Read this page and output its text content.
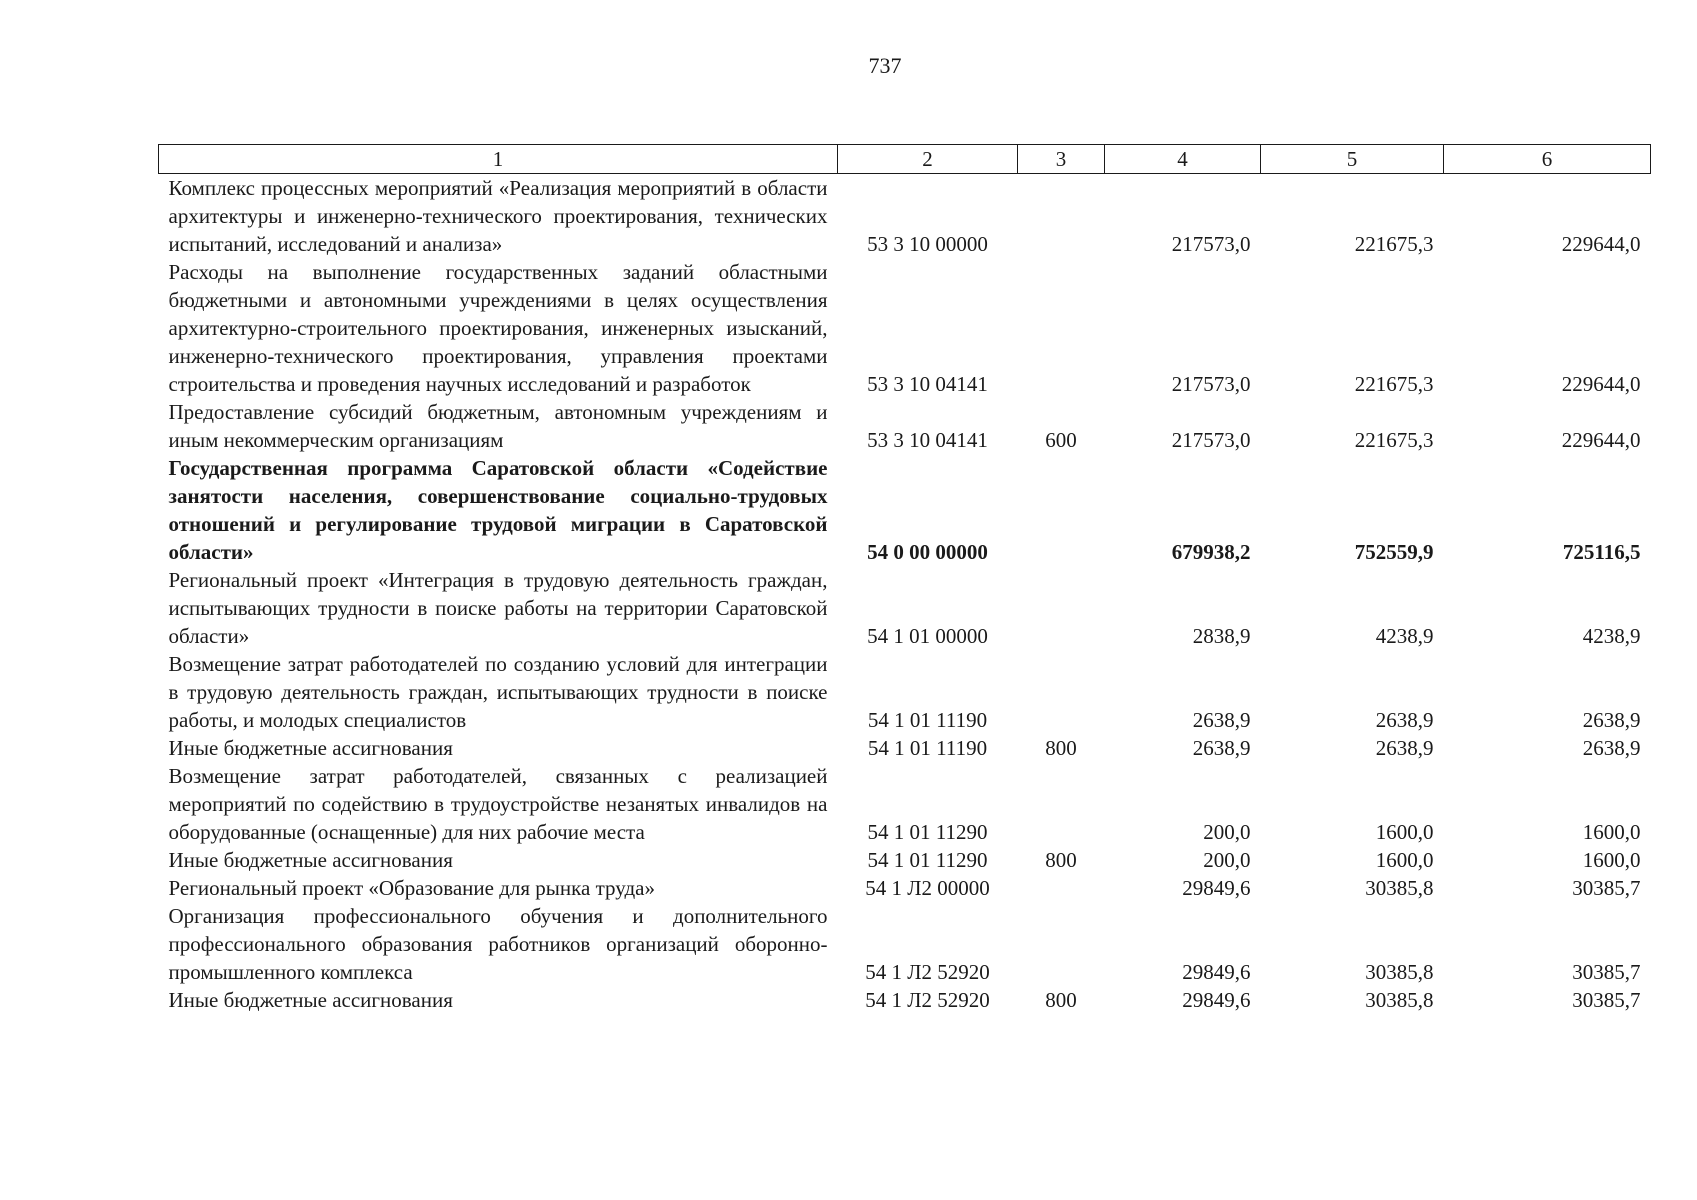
737
1	2	3	4	5	6
Комплекс процессных мероприятий «Реализация мероприятий в области архитектуры и инженерно-технического проектирования, технических испытаний, исследований и анализа»	53 3 10 00000		217573,0	221675,3	229644,0
Расходы на выполнение государственных заданий областными бюджетными и автономными учреждениями в целях осуществления архитектурно-строительного проектирования, инженерных изысканий, инженерно-технического проектирования, управления проектами строительства и проведения научных исследований и разработок	53 3 10 04141		217573,0	221675,3	229644,0
Предоставление субсидий бюджетным, автономным учреждениям и иным некоммерческим организациям	53 3 10 04141	600	217573,0	221675,3	229644,0
Государственная программа Саратовской области «Содействие занятости населения, совершенствование социально-трудовых отношений и регулирование трудовой миграции в Саратовской области»	54 0 00 00000		679938,2	752559,9	725116,5
Региональный проект «Интеграция в трудовую деятельность граждан, испытывающих трудности в поиске работы на территории Саратовской области»	54 1 01 00000		2838,9	4238,9	4238,9
Возмещение затрат работодателей по созданию условий для интеграции в трудовую деятельность граждан, испытывающих трудности в поиске работы, и молодых специалистов	54 1 01 11190		2638,9	2638,9	2638,9
Иные бюджетные ассигнования	54 1 01 11190	800	2638,9	2638,9	2638,9
Возмещение затрат работодателей, связанных с реализацией мероприятий по содействию в трудоустройстве незанятых инвалидов на оборудованные (оснащенные) для них рабочие места	54 1 01 11290		200,0	1600,0	1600,0
Иные бюджетные ассигнования	54 1 01 11290	800	200,0	1600,0	1600,0
Региональный проект «Образование для рынка труда»	54 1 Л2 00000		29849,6	30385,8	30385,7
Организация профессионального обучения и дополнительного профессионального образования работников организаций оборонно-промышленного комплекса	54 1 Л2 52920		29849,6	30385,8	30385,7
Иные бюджетные ассигнования	54 1 Л2 52920	800	29849,6	30385,8	30385,7
